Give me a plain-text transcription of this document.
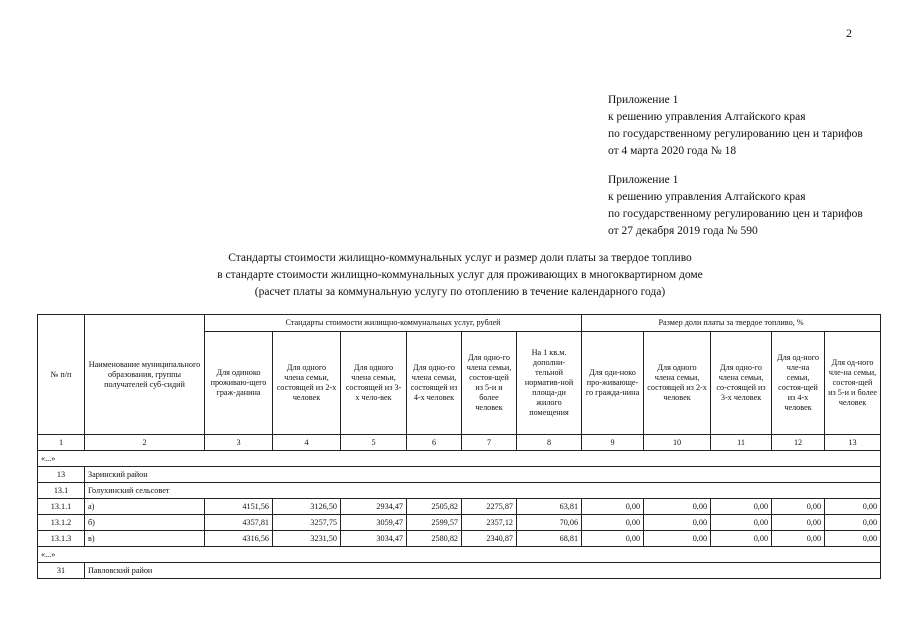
2
Приложение 1
к решению управления Алтайского края
по государственному регулированию цен и тарифов
от 4 марта 2020 года № 18
Приложение 1
к решению управления Алтайского края
по государственному регулированию цен и тарифов
от 27 декабря 2019 года № 590
Стандарты стоимости жилищно-коммунальных услуг и размер доли платы за твердое топливо
в стандарте стоимости жилищно-коммунальных услуг для проживающих в многоквартирном доме
(расчет платы за коммунальную услугу по отоплению в течение календарного года)
№ п/п	Наименование муниципального образования, группы получателей суб-сидий	Стандарты стоимости жилищно-коммунальных услуг, рублей						Размер доли платы за твердое топливо, %				
		Для одиноко проживаю-щего граж-данина	Для одного члена семьи, состоящей из 2-х человек	Для одного члена семьи, состоящей из 3-х чело-век	Для одно-го члена семьи, состоящей из 4-х человек	Для одно-го члена семьи, состоя-щей из 5-и и более человек	На 1 кв.м. дополни-тельной норматив-ной площа-ди жилого помещения	Для оди-ноко про-живающе-го гражда-нина	Для одного члена семьи, состоящей из 2-х человек	Для одно-го члена семьи, со-стоящей из 3-х человек	Для од-ного чле-на семьи, состоя-щей из 4-х человек	Для од-ного чле-на семьи, состоя-щей из 5-и и более человек
1	2	3	4	5	6	7	8	9	10	11	12	13
«...»												
13	Заринский район											
13.1	Голухинский сельсовет											
13.1.1	а)	4151,56	3126,50	2934,47	2505,82	2275,87	63,81	0,00	0,00	0,00	0,00	0,00
13.1.2	б)	4357,81	3257,75	3059,47	2599,57	2357,12	70,06	0,00	0,00	0,00	0,00	0,00
13.1.3	в)	4316,56	3231,50	3034,47	2580,82	2340,87	68,81	0,00	0,00	0,00	0,00	0,00
«...»												
31	Павловский район											
